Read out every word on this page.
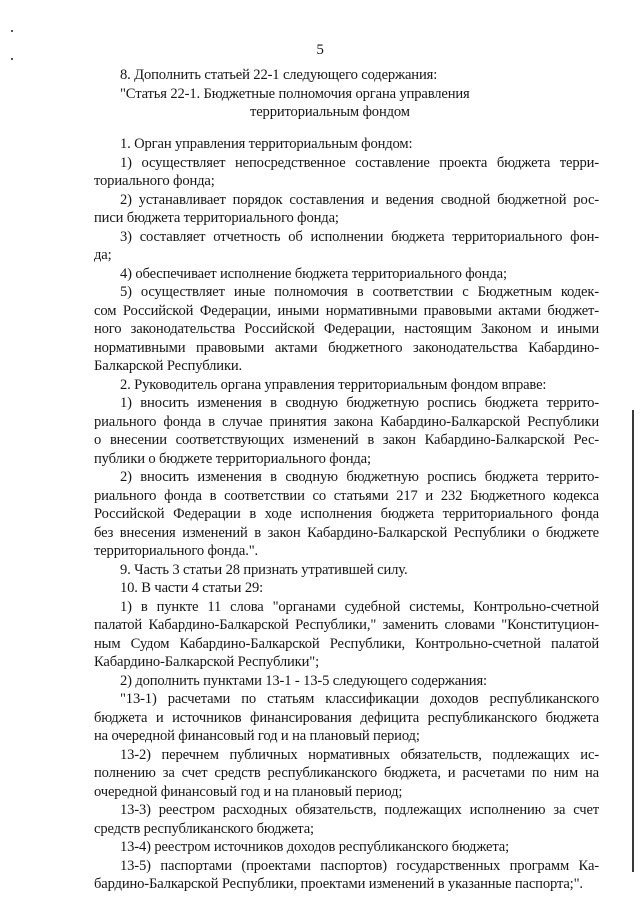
5
8. Дополнить статьей 22-1 следующего содержания:
"Статья 22-1. Бюджетные полномочия органа управления
территориальным фондом
1. Орган управления территориальным фондом:
1) осуществляет непосредственное составление проекта бюджета терри-
ториального фонда;
2) устанавливает порядок составления и ведения сводной бюджетной рос-
писи бюджета территориального фонда;
3) составляет отчетность об исполнении бюджета территориального фон-
да;
4) обеспечивает исполнение бюджета территориального фонда;
5) осуществляет иные полномочия в соответствии с Бюджетным кодек-
сом Российской Федерации, иными нормативными правовыми актами бюджет-
ного законодательства Российской Федерации, настоящим Законом и иными
нормативными правовыми актами бюджетного законодательства Кабардино-
Балкарской Республики.
2. Руководитель органа управления территориальным фондом вправе:
1) вносить изменения в сводную бюджетную роспись бюджета террито-
риального фонда в случае принятия закона Кабардино-Балкарской Республики
о внесении соответствующих изменений в закон Кабардино-Балкарской Рес-
публики о бюджете территориального фонда;
2) вносить изменения в сводную бюджетную роспись бюджета террито-
риального фонда в соответствии со статьями 217 и 232 Бюджетного кодекса
Российской Федерации в ходе исполнения бюджета территориального фонда
без внесения изменений в закон Кабардино-Балкарской Республики о бюджете
территориального фонда.".
9. Часть 3 статьи 28 признать утратившей силу.
10. В части 4 статьи 29:
1) в пункте 11 слова "органами судебной системы, Контрольно-счетной
палатой Кабардино-Балкарской Республики," заменить словами "Конституцион-
ным Судом Кабардино-Балкарской Республики, Контрольно-счетной палатой
Кабардино-Балкарской Республики";
2) дополнить пунктами 13-1 - 13-5 следующего содержания:
"13-1) расчетами по статьям классификации доходов республиканского
бюджета и источников финансирования дефицита республиканского бюджета
на очередной финансовый год и на плановый период;
13-2) перечнем публичных нормативных обязательств, подлежащих ис-
полнению за счет средств республиканского бюджета, и расчетами по ним на
очередной финансовый год и на плановый период;
13-3) реестром расходных обязательств, подлежащих исполнению за счет
средств республиканского бюджета;
13-4) реестром источников доходов республиканского бюджета;
13-5) паспортами (проектами паспортов) государственных программ Ка-
бардино-Балкарской Республики, проектами изменений в указанные паспорта;".
